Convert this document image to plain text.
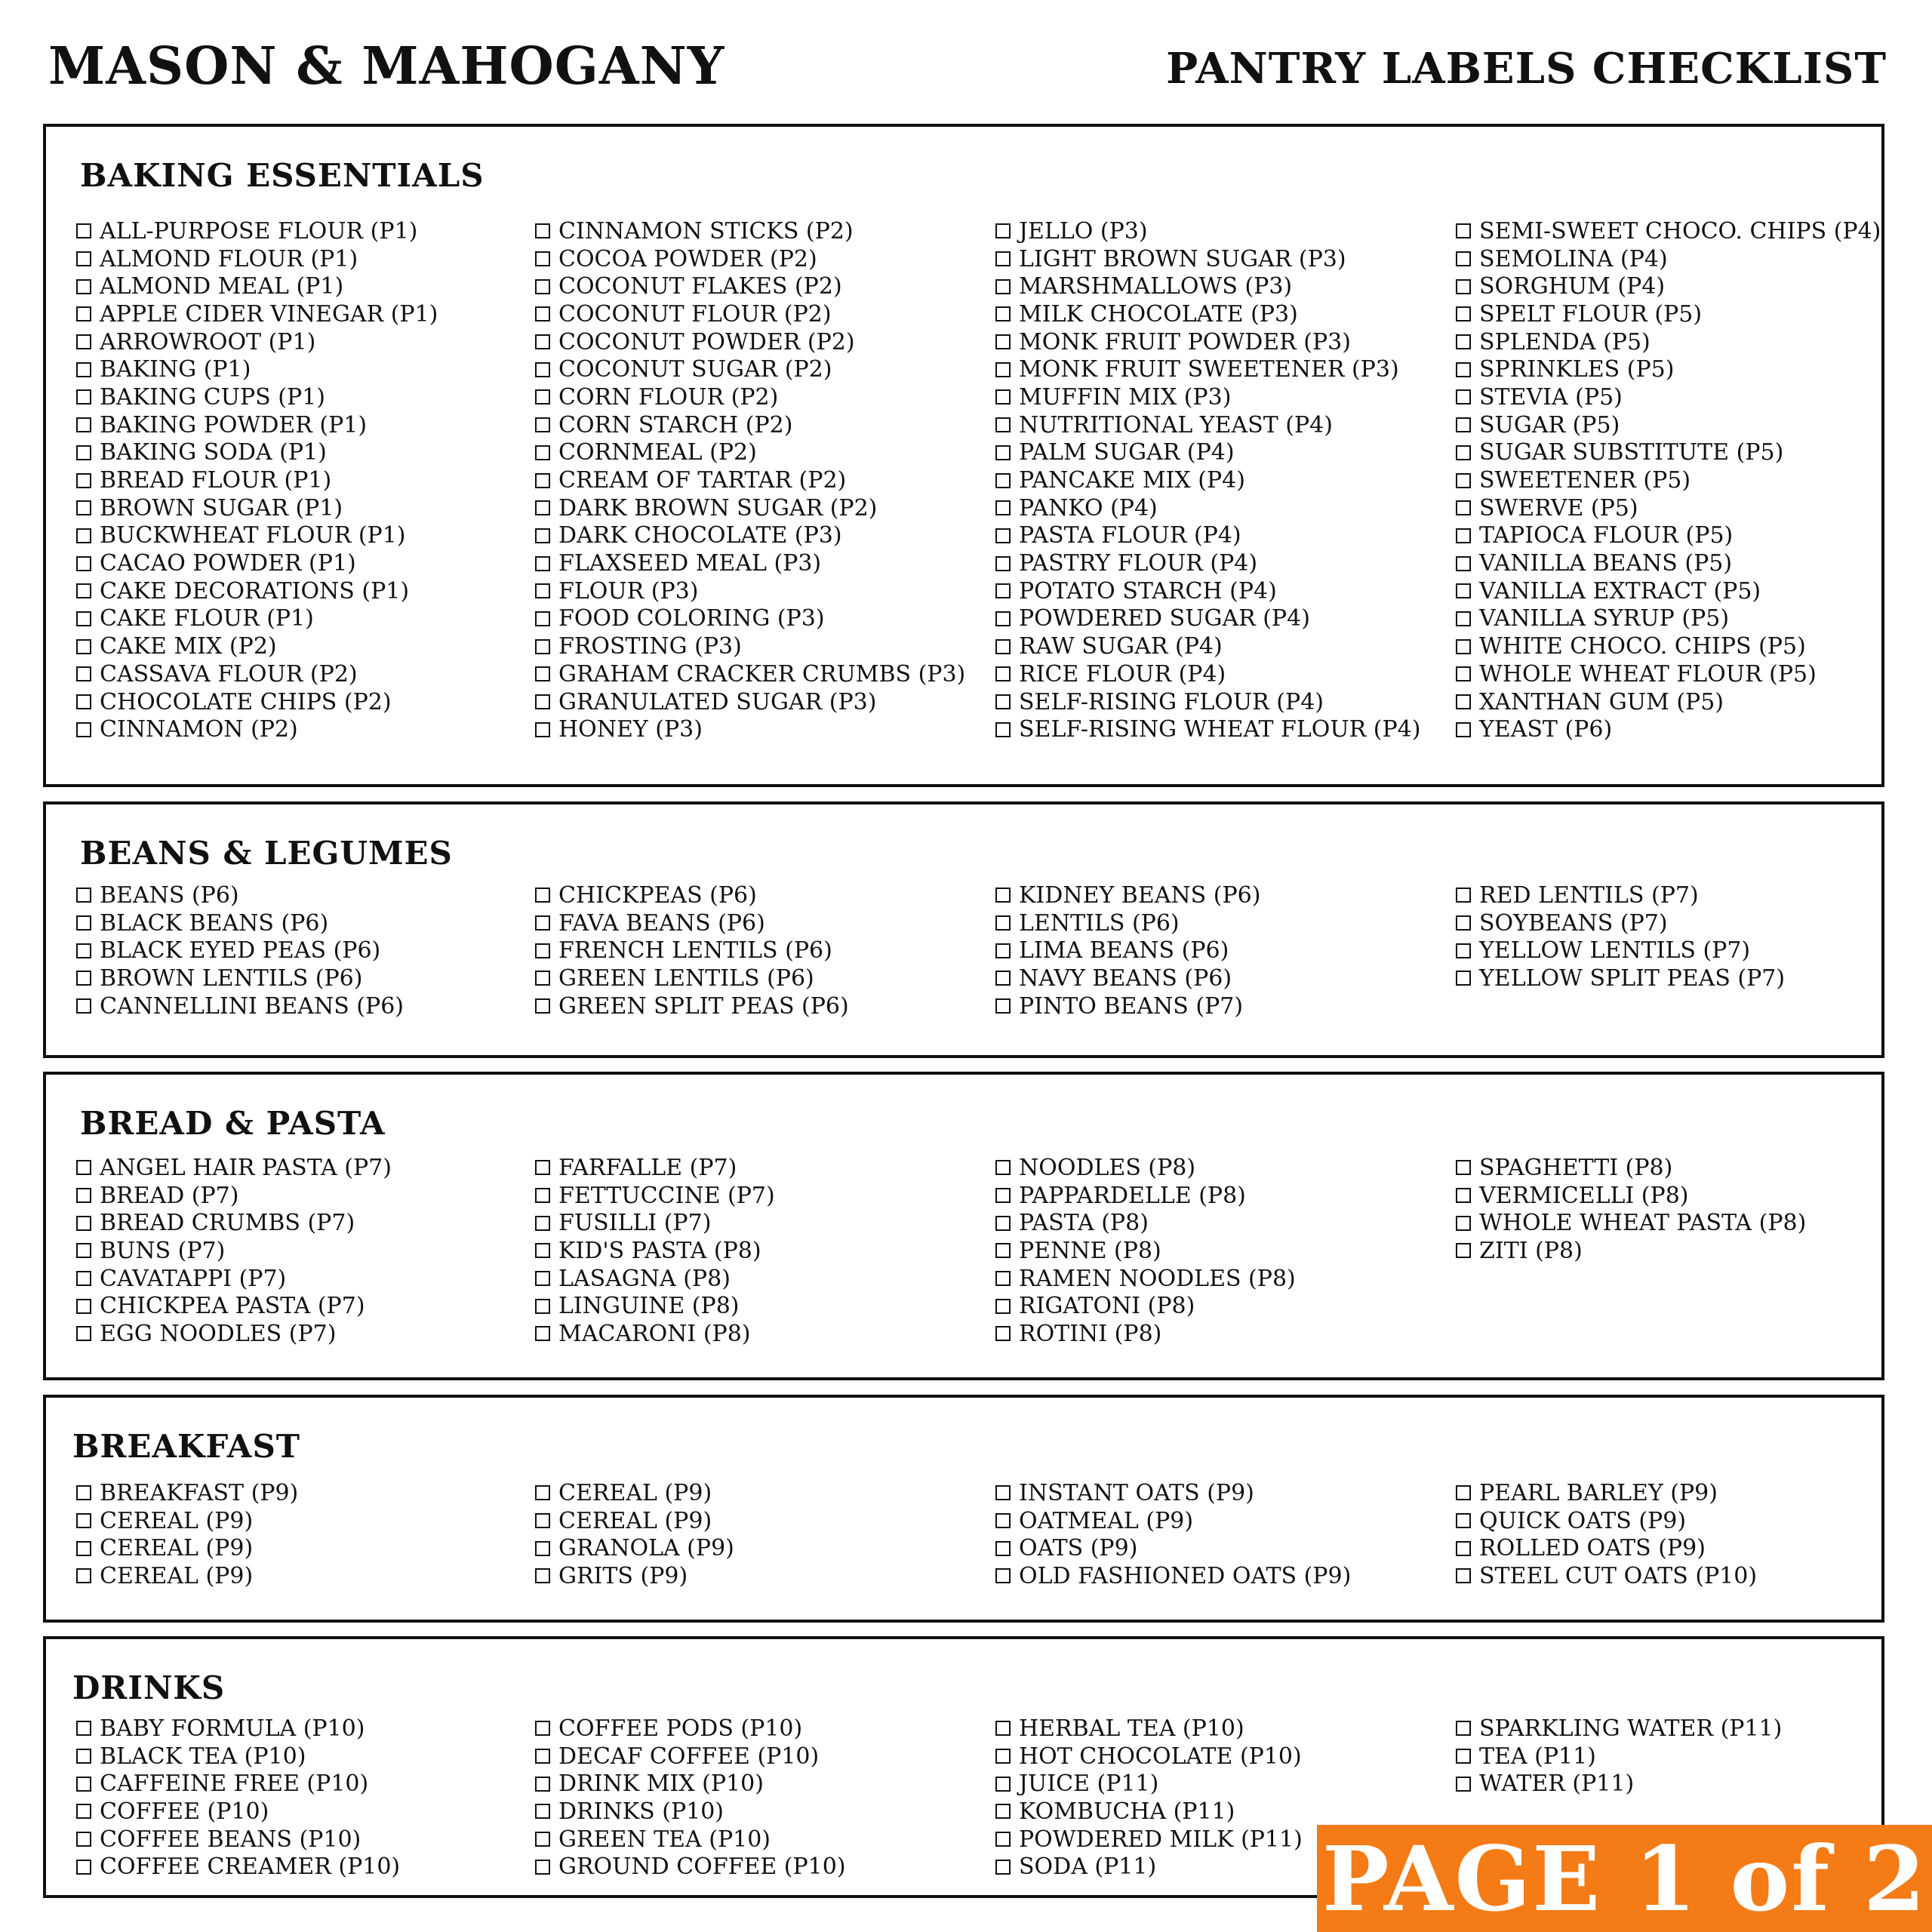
MASON & MAHOGANY	PANTRY LABELS CHECKLIST
BAKING ESSENTIALS
ALL-PURPOSE FLOUR (P1)
ALMOND FLOUR (P1)
ALMOND MEAL (P1)
APPLE CIDER VINEGAR (P1)
ARROWROOT (P1)
BAKING (P1)
BAKING CUPS (P1)
BAKING POWDER (P1)
BAKING SODA (P1)
BREAD FLOUR (P1)
BROWN SUGAR (P1)
BUCKWHEAT FLOUR (P1)
CACAO POWDER (P1)
CAKE DECORATIONS (P1)
CAKE FLOUR (P1)
CAKE MIX (P2)
CASSAVA FLOUR (P2)
CHOCOLATE CHIPS (P2)
CINNAMON (P2)
CINNAMON STICKS (P2)
COCOA POWDER (P2)
COCONUT FLAKES (P2)
COCONUT FLOUR (P2)
COCONUT POWDER (P2)
COCONUT SUGAR (P2)
CORN FLOUR (P2)
CORN STARCH (P2)
CORNMEAL (P2)
CREAM OF TARTAR (P2)
DARK BROWN SUGAR (P2)
DARK CHOCOLATE (P3)
FLAXSEED MEAL (P3)
FLOUR (P3)
FOOD COLORING (P3)
FROSTING (P3)
GRAHAM CRACKER CRUMBS (P3)
GRANULATED SUGAR (P3)
HONEY (P3)
JELLO (P3)
LIGHT BROWN SUGAR (P3)
MARSHMALLOWS (P3)
MILK CHOCOLATE (P3)
MONK FRUIT POWDER (P3)
MONK FRUIT SWEETENER (P3)
MUFFIN MIX (P3)
NUTRITIONAL YEAST (P4)
PALM SUGAR (P4)
PANCAKE MIX (P4)
PANKO (P4)
PASTA FLOUR (P4)
PASTRY FLOUR (P4)
POTATO STARCH (P4)
POWDERED SUGAR (P4)
RAW SUGAR (P4)
RICE FLOUR (P4)
SELF-RISING FLOUR (P4)
SELF-RISING WHEAT FLOUR (P4)
SEMI-SWEET CHOCO. CHIPS (P4)
SEMOLINA (P4)
SORGHUM (P4)
SPELT FLOUR (P5)
SPLENDA (P5)
SPRINKLES (P5)
STEVIA (P5)
SUGAR (P5)
SUGAR SUBSTITUTE (P5)
SWEETENER (P5)
SWERVE (P5)
TAPIOCA FLOUR (P5)
VANILLA BEANS (P5)
VANILLA EXTRACT (P5)
VANILLA SYRUP (P5)
WHITE CHOCO. CHIPS (P5)
WHOLE WHEAT FLOUR (P5)
XANTHAN GUM (P5)
YEAST (P6)
BEANS & LEGUMES
BEANS (P6)
BLACK BEANS (P6)
BLACK EYED PEAS (P6)
BROWN LENTILS (P6)
CANNELLINI BEANS (P6)
CHICKPEAS (P6)
FAVA BEANS (P6)
FRENCH LENTILS (P6)
GREEN LENTILS (P6)
GREEN SPLIT PEAS (P6)
KIDNEY BEANS (P6)
LENTILS (P6)
LIMA BEANS (P6)
NAVY BEANS (P6)
PINTO BEANS (P7)
RED LENTILS (P7)
SOYBEANS (P7)
YELLOW LENTILS (P7)
YELLOW SPLIT PEAS (P7)
BREAD & PASTA
ANGEL HAIR PASTA (P7)
BREAD (P7)
BREAD CRUMBS (P7)
BUNS (P7)
CAVATAPPI (P7)
CHICKPEA PASTA (P7)
EGG NOODLES (P7)
FARFALLE (P7)
FETTUCCINE (P7)
FUSILLI (P7)
KID'S PASTA (P8)
LASAGNA (P8)
LINGUINE (P8)
MACARONI (P8)
NOODLES (P8)
PAPPARDELLE (P8)
PASTA (P8)
PENNE (P8)
RAMEN NOODLES (P8)
RIGATONI (P8)
ROTINI (P8)
SPAGHETTI (P8)
VERMICELLI (P8)
WHOLE WHEAT PASTA (P8)
ZITI (P8)
BREAKFAST
BREAKFAST (P9)
CEREAL (P9)
CEREAL (P9)
CEREAL (P9)
CEREAL (P9)
CEREAL (P9)
GRANOLA (P9)
GRITS (P9)
INSTANT OATS (P9)
OATMEAL (P9)
OATS (P9)
OLD FASHIONED OATS (P9)
PEARL BARLEY (P9)
QUICK OATS (P9)
ROLLED OATS (P9)
STEEL CUT OATS (P10)
DRINKS
BABY FORMULA (P10)
BLACK TEA (P10)
CAFFEINE FREE (P10)
COFFEE (P10)
COFFEE BEANS (P10)
COFFEE CREAMER (P10)
COFFEE PODS (P10)
DECAF COFFEE (P10)
DRINK MIX (P10)
DRINKS (P10)
GREEN TEA (P10)
GROUND COFFEE (P10)
HERBAL TEA (P10)
HOT CHOCOLATE (P10)
JUICE (P11)
KOMBUCHA (P11)
POWDERED MILK (P11)
SODA (P11)
SPARKLING WATER (P11)
TEA (P11)
WATER (P11)
PAGE 1 of 2
